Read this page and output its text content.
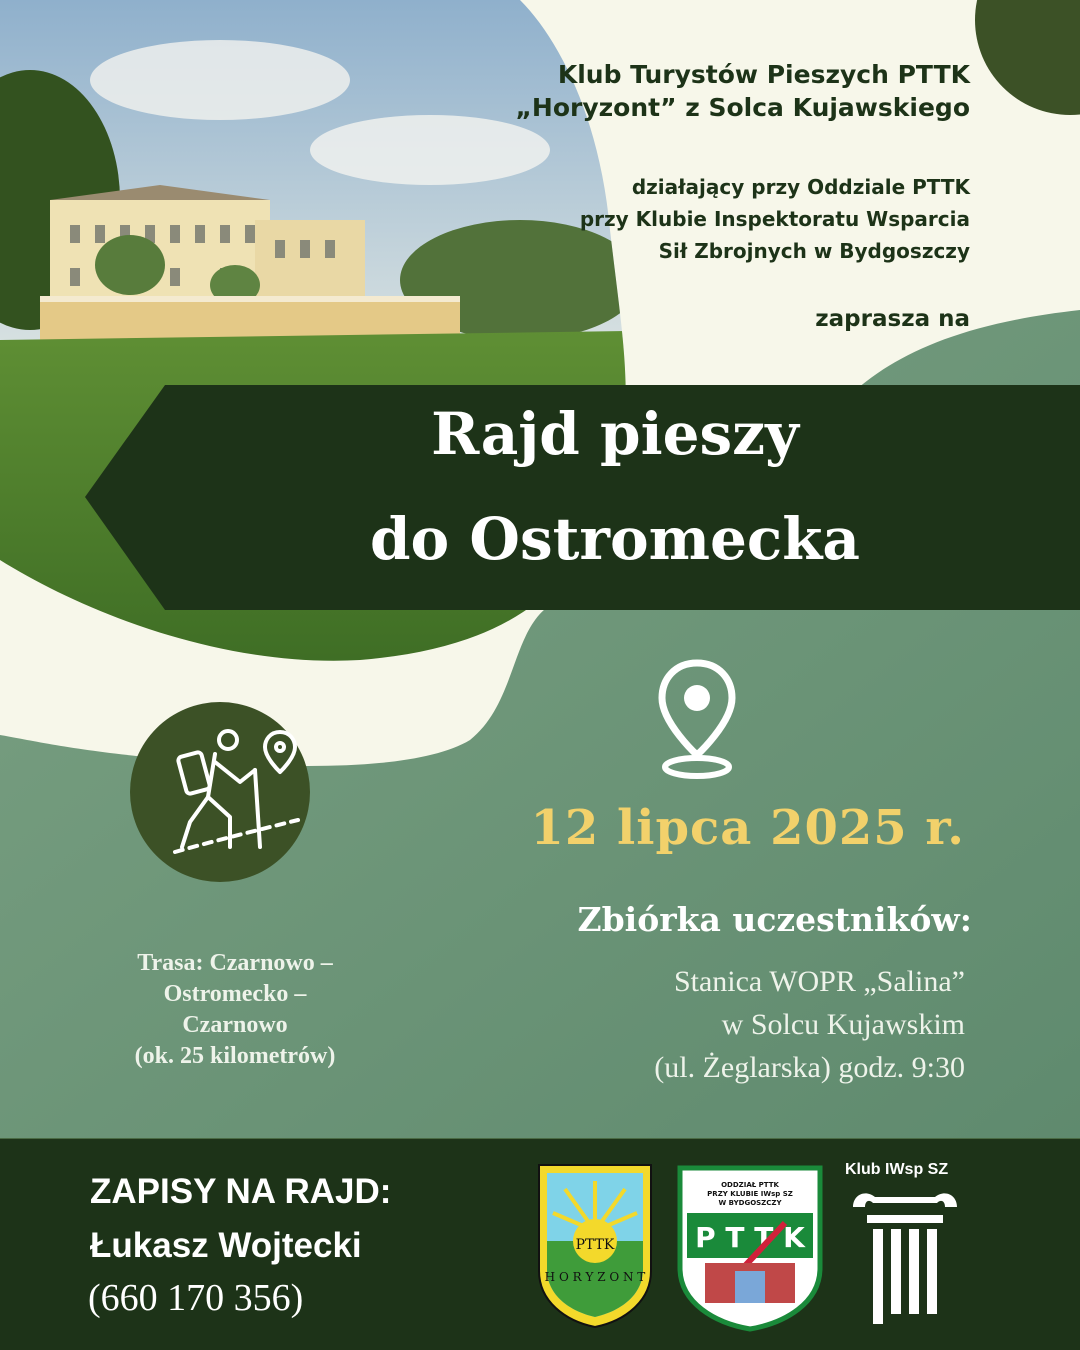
Klub Turystów Pieszych PTTK
„Horyzont” z Solca Kujawskiego
działający przy Oddziale PTTK
przy Klubie Inspektoratu Wsparcia
Sił Zbrojnych w Bydgoszczy
zaprasza na
Rajd pieszy
do Ostromecka
12 lipca 2025 r.
Zbiórka uczestników:
Stanica WOPR „Salina”
w Solcu Kujawskim
(ul. Żeglarska) godz. 9:30
Trasa: Czarnowo –
Ostromecko –
Czarnowo
(ok. 25 kilometrów)
ZAPISY NA RAJD:
Łukasz Wojtecki
(660 170 356)
PTTK
H O R Y Z O N T
ODDZIAŁ PTTK
PRZY KLUBIE IWsp SZ
W BYDGOSZCZY
P T T K
Klub IWsp SZ
